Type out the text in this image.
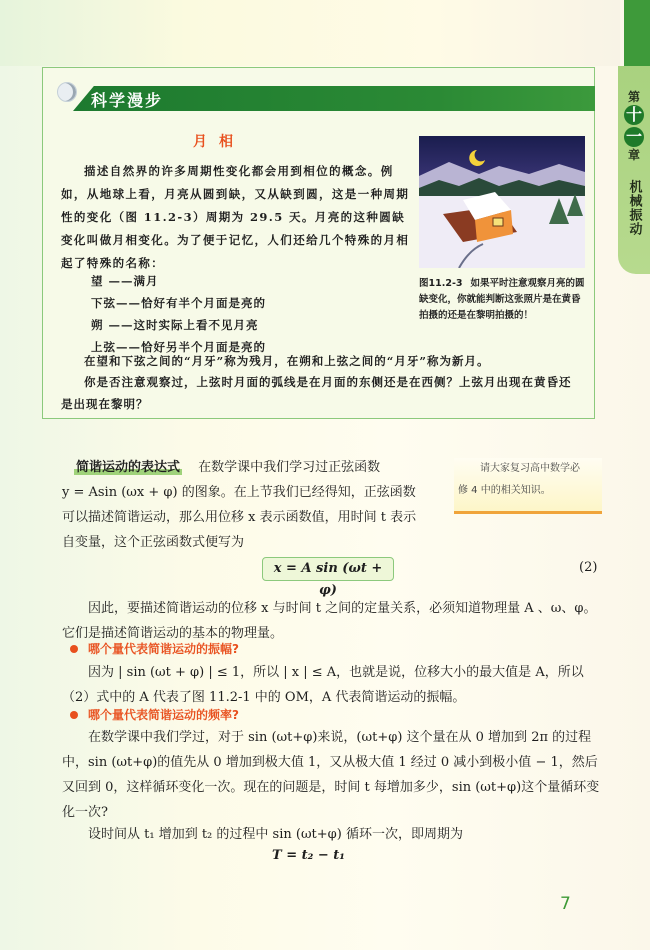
第
十
一
章
机械振动
科学漫步
月相
描述自然界的许多周期性变化都会用到相位的概念。例如，从地球上看，月亮从圆到缺，又从缺到圆，这是一种周期性的变化（图 11.2-3）周期为 29.5 天。月亮的这种圆缺变化叫做月相变化。为了便于记忆，人们还给几个特殊的月相起了特殊的名称：
望 ——满月
下弦——恰好有半个月面是亮的
朔 ——这时实际上看不见月亮
上弦——恰好另半个月面是亮的
在望和下弦之间的“月牙”称为残月，在朔和上弦之间的“月牙”称为新月。
你是否注意观察过，上弦时月面的弧线是在月面的东侧还是在西侧？上弦月出现在黄昏还是出现在黎明？
图11.2-3 如果平时注意观察月亮的圆缺变化，你就能判断这张照片是在黄昏拍摄的还是在黎明拍摄的！
简谐运动的表达式 在数学课中我们学习过正弦函数
y = Asin (ωx + φ) 的图象。在上节我们已经得知，正弦函数
可以描述简谐运动，那么用位移 x 表示函数值，用时间 t 表示
自变量，这个正弦函数式便写为
请大家复习高中数学必
修 4 中的相关知识。
x = A sin (ωt + φ)
(2)
因此，要描述简谐运动的位移 x 与时间 t 之间的定量关系，必须知道物理量 A 、ω、φ。它们是描述简谐运动的基本的物理量。
哪个量代表简谐运动的振幅?
因为 | sin (ωt + φ) | ≤ 1，所以 | x | ≤ A，也就是说，位移大小的最大值是 A，所以（2）式中的 A 代表了图 11.2-1 中的 OM，A 代表简谐运动的振幅。
哪个量代表简谐运动的频率?
在数学课中我们学过，对于 sin (ωt+φ)来说，(ωt+φ) 这个量在从 0 增加到 2π 的过程中，sin (ωt+φ)的值先从 0 增加到极大值 1，又从极大值 1 经过 0 减小到极小值 − 1，然后又回到 0，这样循环变化一次。现在的问题是，时间 t 每增加多少，sin (ωt+φ)这个量循环变化一次?
设时间从 t₁ 增加到 t₂ 的过程中 sin (ωt+φ) 循环一次，即周期为
T = t₂ − t₁
7
